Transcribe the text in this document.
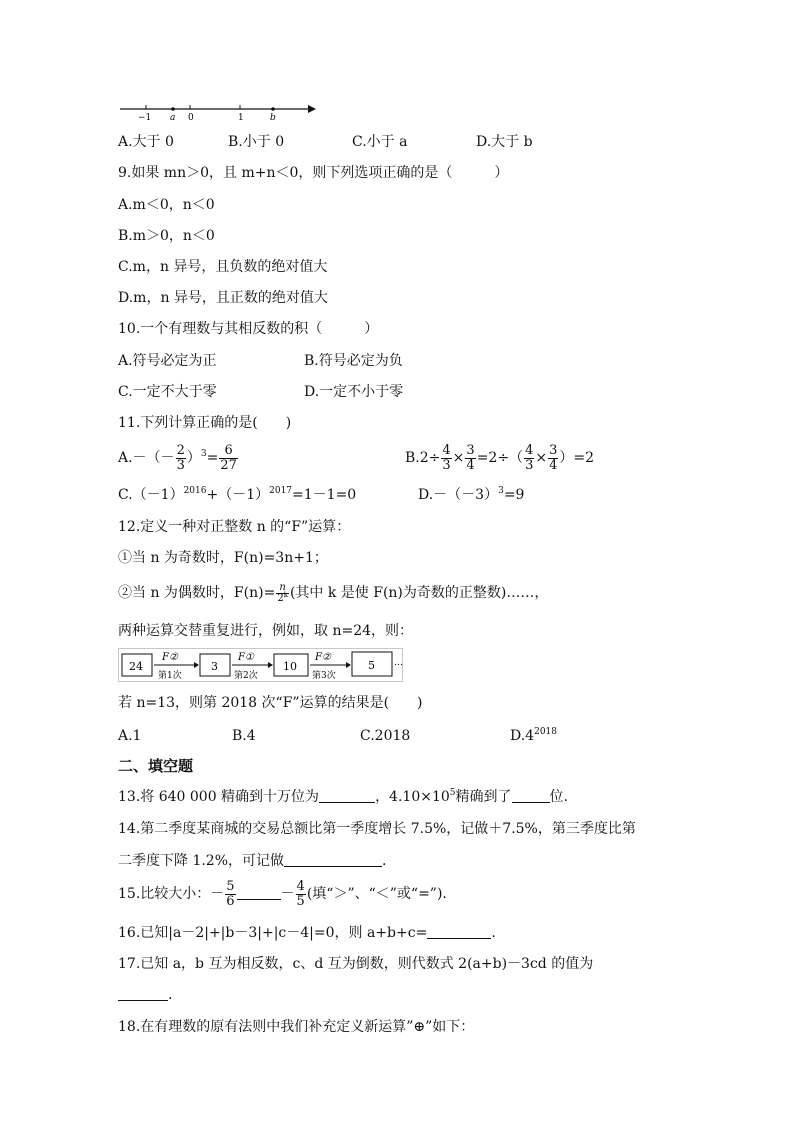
−1 a 0	1	b
A.大于 0	B.小于 0	C.小于 a	D.大于 b
9.如果 mn＞0，且 m+n＜0，则下列选项正确的是（　　　）
A.m＜0，n＜0
B.m＞0，n＜0
C.m，n 异号，且负数的绝对值大
D.m，n 异号，且正数的绝对值大
10.一个有理数与其相反数的积（　　　）
A.符号必定为正	B.符号必定为负
C.一定不大于零	D.一定不小于零
11.下列计算正确的是(　　)
$A.-(- \frac{2}{3} )^3= \frac{6}{27}$	$B.2\div \frac{4}{3} \times \frac{3}{4} =2\div( \frac{4}{3} \times \frac{3}{4} )=2$
$C.(-1)^{2016}+(-1)^{2017}=1-1=0$	$D.-(-3)^3=9$
12.定义一种对正整数 n 的“F”运算：
①当 n 为奇数时，F(n)=3n+1；
②当 n 为偶数时，$F(n)= \frac{n}{2^k}$ (其中 k 是使 F(n)为奇数的正整数)……，
两种运算交替重复进行，例如，取 n=24，则：
24
F②
第1次
3
F①
第2次
10
F②
第3次
5 …
若 n=13，则第 2018 次“F”运算的结果是(　　)
A.1	B.4	C.2018	$D.4^{2018}$
二、填空题
13.将 640 000 精确到十万位为	，$4.10\times 10^5$精确到了	位.
14.第二季度某商城的交易总额比第一季度增长 7.5%，记做＋7.5%，第三季度比第
二季度下降 1.2%，可记做	.
15.比较大小：－ $\frac{5}{6}$	－ $\frac{4}{5}$ (填“＞”、“＜”或“=”).
16.已知|a－2|+|b－3|+|c－4|=0，则 a+b+c=	.
17.已知 a，b 互为相反数，c、d 互为倒数，则代数式 2(a+b)－3cd 的值为
.
18.在有理数的原有法则中我们补充定义新运算”⊕”如下：
